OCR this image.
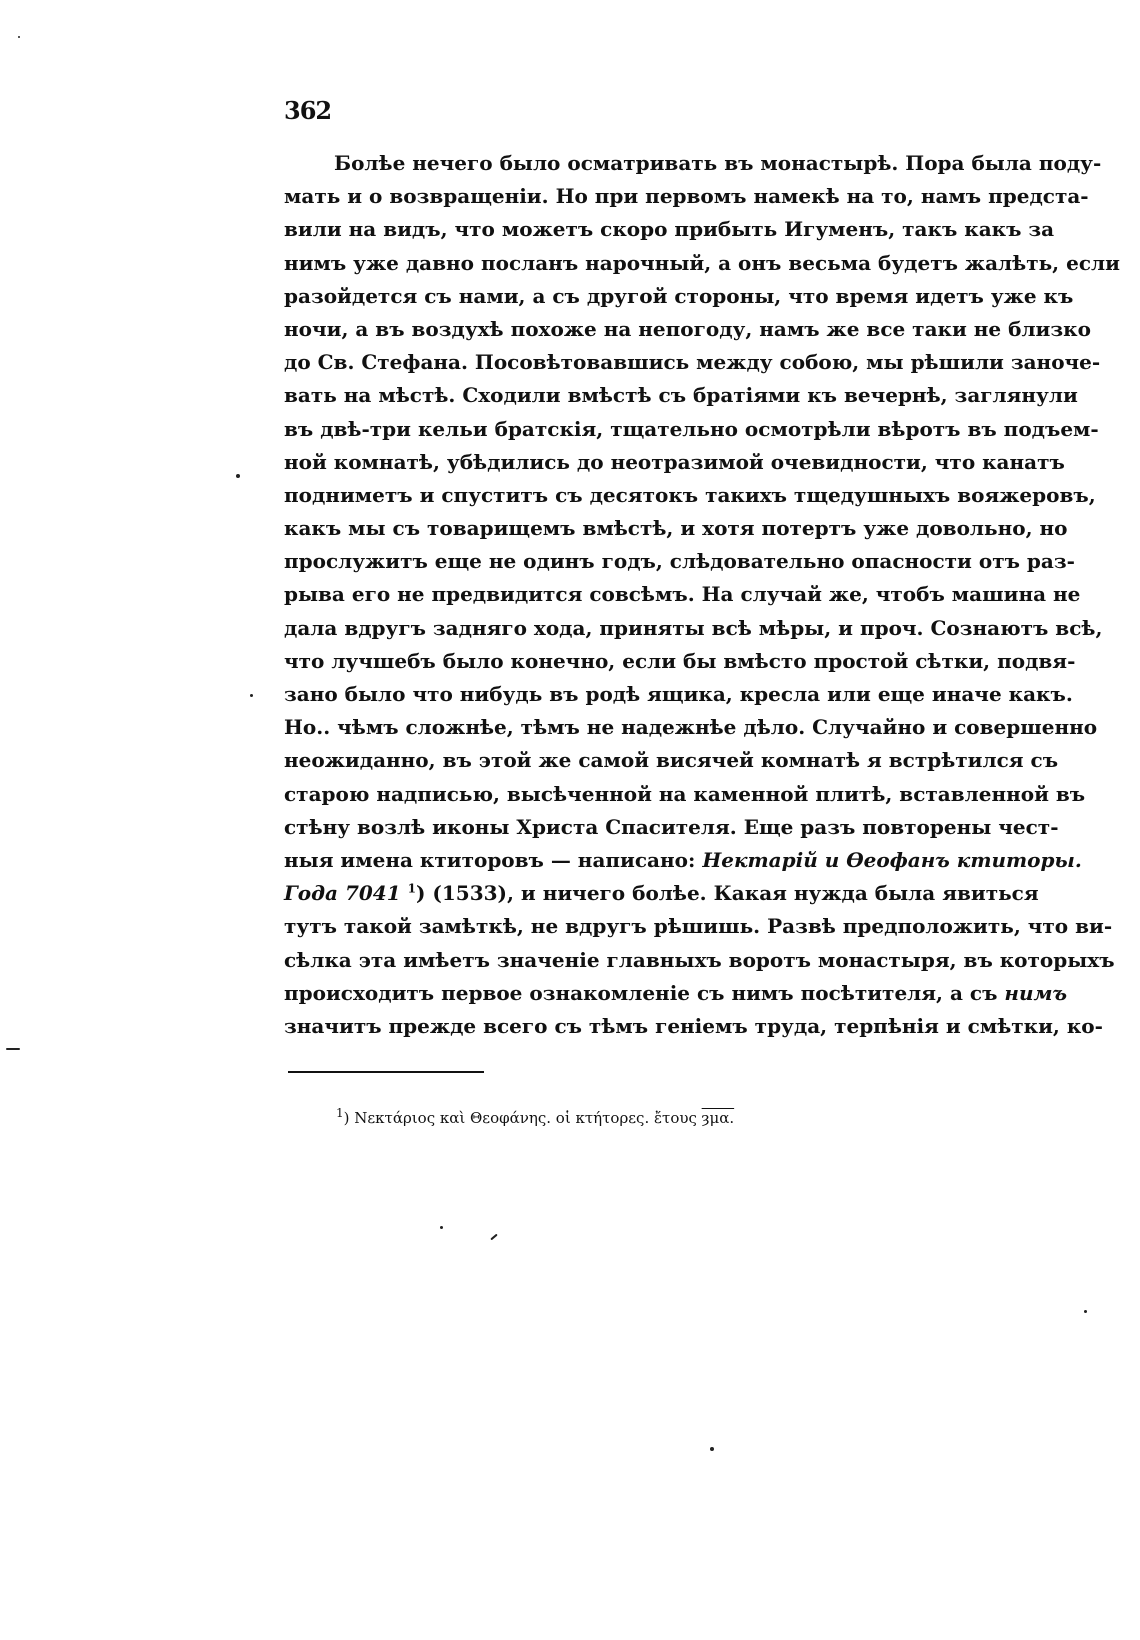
362
Болѣе нечего было осматривать въ монастырѣ. Пора была поду-
мать и о возвращеніи. Но при первомъ намекѣ на то, намъ предста-
вили на видъ, что можетъ скоро прибыть Игуменъ, такъ какъ за
нимъ уже давно посланъ нарочный, а онъ весьма будетъ жалѣть, если
разойдется съ нами, а съ другой стороны, что время идетъ уже къ
ночи, а въ воздухѣ похоже на непогоду, намъ же все таки не близко
до Св. Стефана. Посовѣтовавшись между собою, мы рѣшили заноче-
вать на мѣстѣ. Сходили вмѣстѣ съ братіями къ вечернѣ, заглянули
въ двѣ-три кельи братскія, тщательно осмотрѣли вѣротъ въ подъем-
ной комнатѣ, убѣдились до неотразимой очевидности, что канатъ
подниметъ и спуститъ съ десятокъ такихъ тщедушныхъ вояжеровъ,
какъ мы съ товарищемъ вмѣстѣ, и хотя потертъ уже довольно, но
прослужитъ еще не одинъ годъ, слѣдовательно опасности отъ раз-
рыва его не предвидится совсѣмъ. На случай же, чтобъ машина не
дала вдругъ задняго хода, приняты всѣ мѣры, и проч. Сознаютъ всѣ,
что лучшебъ было конечно, если бы вмѣсто простой сѣтки, подвя-
зано было что нибудь въ родѣ ящика, кресла или еще иначе какъ.
Но.. чѣмъ сложнѣе, тѣмъ не надежнѣе дѣло. Случайно и совершенно
неожиданно, въ этой же самой висячей комнатѣ я встрѣтился съ
старою надписью, высѣченной на каменной плитѣ, вставленной въ
стѣну возлѣ иконы Христа Спасителя. Еще разъ повторены чест-
ныя имена ктиторовъ — написано: Нектарій и Ѳеофанъ ктиторы.
Года 7041 $^1$) (1533), и ничего болѣе. Какая нужда была явиться
тутъ такой замѣткѣ, не вдругъ рѣшишь. Развѣ предположить, что ви-
сѣлка эта имѣетъ значеніе главныхъ воротъ монастыря, въ которыхъ
происходитъ первое ознакомленіе съ нимъ посѣтителя, а съ нимъ
значитъ прежде всего съ тѣмъ геніемъ труда, терпѣнія и смѣтки, ко-
$^1$) Νεκτάριος καὶ Θεοφάνης. οἱ κτήτορες. ἔτους ȝμα.
